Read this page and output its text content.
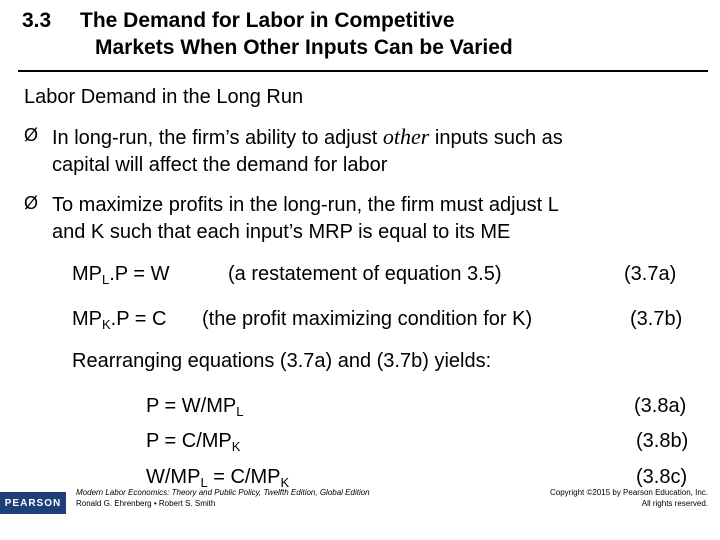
3.3 The Demand for Labor in Competitive
Markets When Other Inputs Can be Varied
Labor Demand in the Long Run
Ø In long-run, the firm’s ability to adjust other inputs such as
capital will affect the demand for labor
Ø To maximize profits in the long-run, the firm must adjust L
and K such that each input’s MRP is equal to its ME
$MP_L.P = W$	(a restatement of equation 3.5)	(3.7a)
$MP_K.P = C$ (the profit maximizing condition for K)	(3.7b)
Rearranging equations (3.7a) and (3.7b) yields:
$P = W/MP_L$	(3.8a)
$P = C/MP_K$	(3.8b)
$W/MP_L = C/MP_K$	(3.8c)
PEARSON
Modern Labor Economics: Theory and Public Policy, Twelfth Edition, Global Edition
Ronald G. Ehrenberg • Robert S. Smith
Copyright ©2015 by Pearson Education, Inc.
All rights reserved.
